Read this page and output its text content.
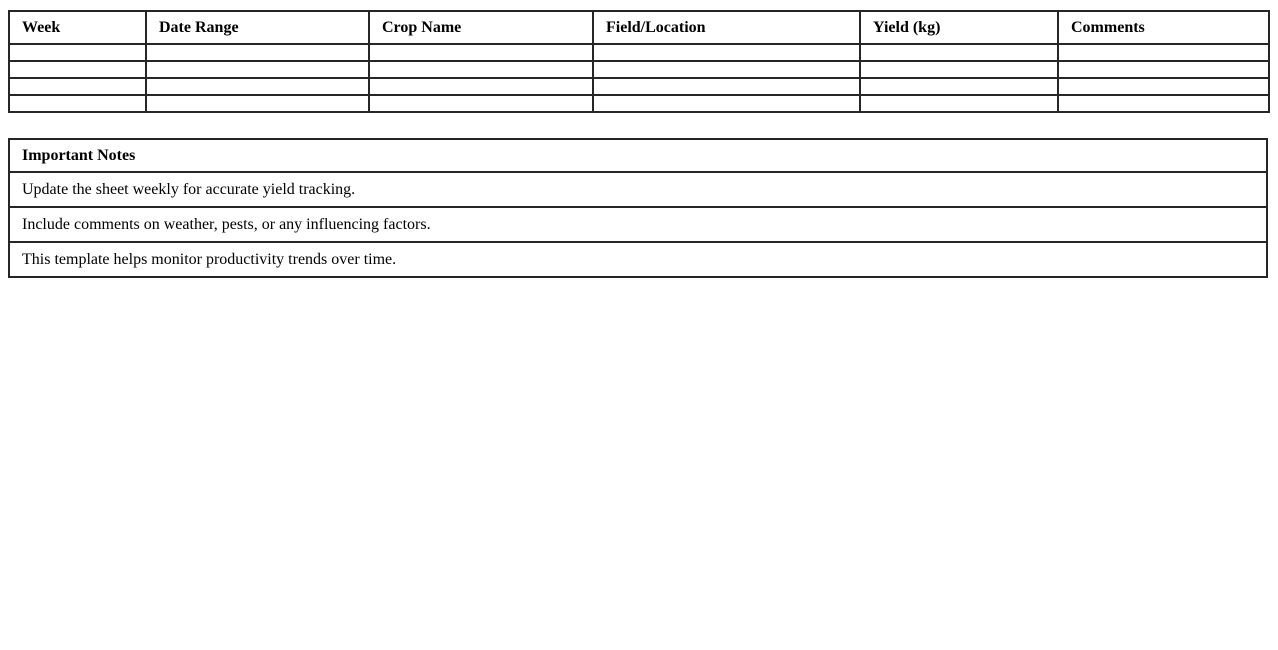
Week	Date Range	Crop Name	Field/Location	Yield (kg)	Comments

Important Notes
Update the sheet weekly for accurate yield tracking.
Include comments on weather, pests, or any influencing factors.
This template helps monitor productivity trends over time.
